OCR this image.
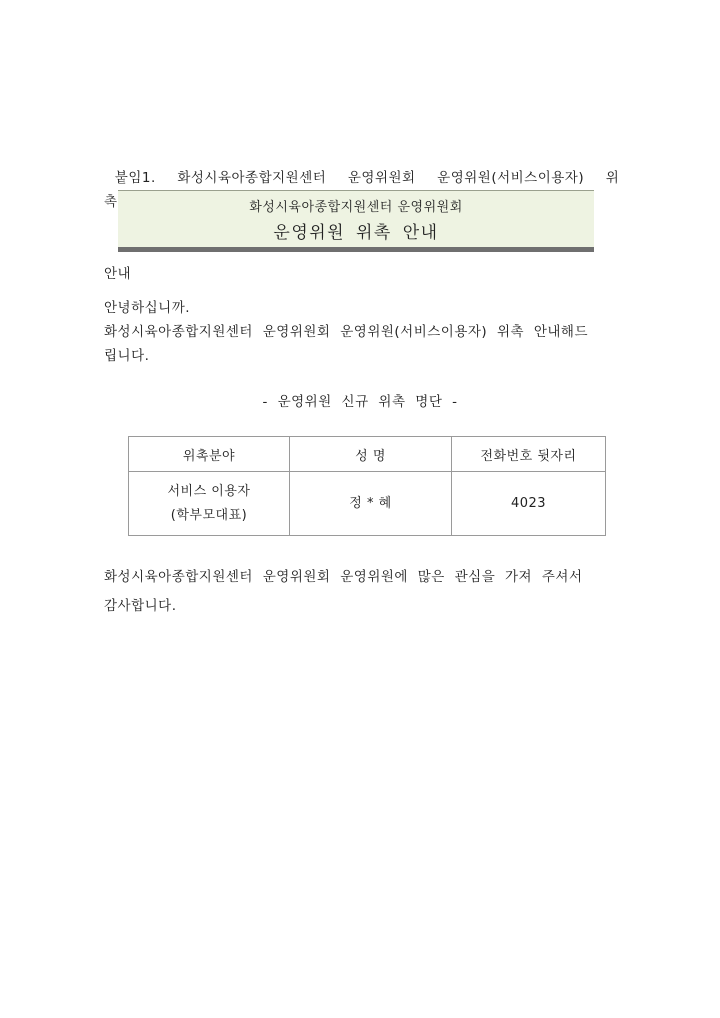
붙임1.  화성시육아종합지원센터  운영위원회  운영위원(서비스이용자)  위촉

안내

화성시육아종합지원센터 운영위원회
운영위원 위촉 안내

안녕하십니까.

화성시육아종합지원센터 운영위원회 운영위원(서비스이용자) 위촉 안내해드

립니다.

- 운영위원 신규 위촉 명단 -
위촉분야	성 명	전화번호 뒷자리

서비스 이용자
(학부모대표)	정 * 혜	4023

화성시육아종합지원센터 운영위원회 운영위원에 많은 관심을 가져 주셔서

감사합니다.
